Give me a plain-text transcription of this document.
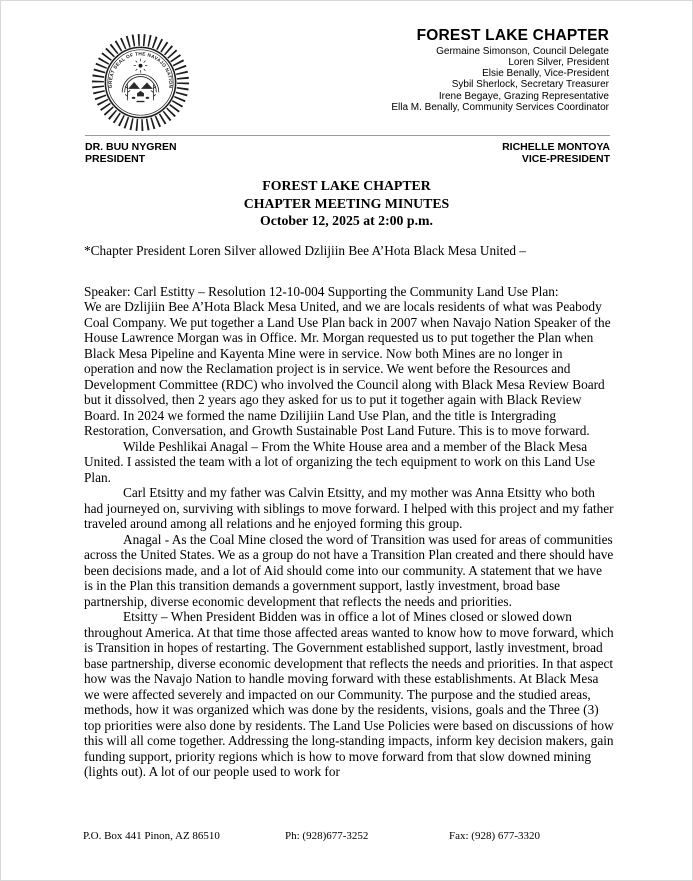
GREAT SEAL OF THE NAVAJO NATION
FOREST LAKE CHAPTER
Germaine Simonson, Council Delegate
Loren Silver, President
Elsie Benally, Vice-President
Sybil Sherlock, Secretary Treasurer
Irene Begaye, Grazing Representative
Ella M. Benally, Community Services Coordinator
DR. BUU NYGREN
PRESIDENT
RICHELLE MONTOYA
VICE-PRESIDENT
FOREST LAKE CHAPTER
CHAPTER MEETING MINUTES
October 12, 2025 at 2:00 p.m.

*Chapter President Loren Silver allowed Dzlijiin Bee A’Hota Black Mesa United –

Speaker: Carl Estitty – Resolution 12-10-004 Supporting the Community Land Use Plan:

We are Dzlijiin Bee A’Hota Black Mesa United, and we are locals residents of what was Peabody Coal Company. We put together a Land Use Plan back in 2007 when Navajo Nation Speaker of the House Lawrence Morgan was in Office. Mr. Morgan requested us to put together the Plan when Black Mesa Pipeline and Kayenta Mine were in service. Now both Mines are no longer in operation and now the Reclamation project is in service. We went before the Resources and Development Committee (RDC) who involved the Council along with Black Mesa Review Board but it dissolved, then 2 years ago they asked for us to put it together again with Black Review Board. In 2024 we formed the name Dzilijiin Land Use Plan, and the title is Intergrading Restoration, Conversation, and Growth Sustainable Post Land Future. This is to move forward.

Wilde Peshlikai Anagal – From the White House area and a member of the Black Mesa United. I assisted the team with a lot of organizing the tech equipment to work on this Land Use Plan.

Carl Etsitty and my father was Calvin Etsitty, and my mother was Anna Etsitty who both had journeyed on, surviving with siblings to move forward. I helped with this project and my father traveled around among all relations and he enjoyed forming this group.

Anagal - As the Coal Mine closed the word of Transition was used for areas of communities across the United States. We as a group do not have a Transition Plan created and there should have been decisions made, and a lot of Aid should come into our community. A statement that we have is in the Plan this transition demands a government support, lastly investment, broad base partnership, diverse economic development that reflects the needs and priorities.

Etsitty – When President Bidden was in office a lot of Mines closed or slowed down throughout America. At that time those affected areas wanted to know how to move forward, which is Transition in hopes of restarting. The Government established support, lastly investment, broad base partnership, diverse economic development that reflects the needs and priorities. In that aspect how was the Navajo Nation to handle moving forward with these establishments. At Black Mesa we were affected severely and impacted on our Community. The purpose and the studied areas, methods, how it was organized which was done by the residents, visions, goals and the Three (3) top priorities were also done by residents. The Land Use Policies were based on discussions of how this will all come together. Addressing the long-standing impacts, inform key decision makers, gain funding support, priority regions which is how to move forward from that slow downed mining (lights out). A lot of our people used to work for

P.O. Box 441 Pinon, AZ 86510	Ph: (928)677-3252	Fax: (928) 677-3320
